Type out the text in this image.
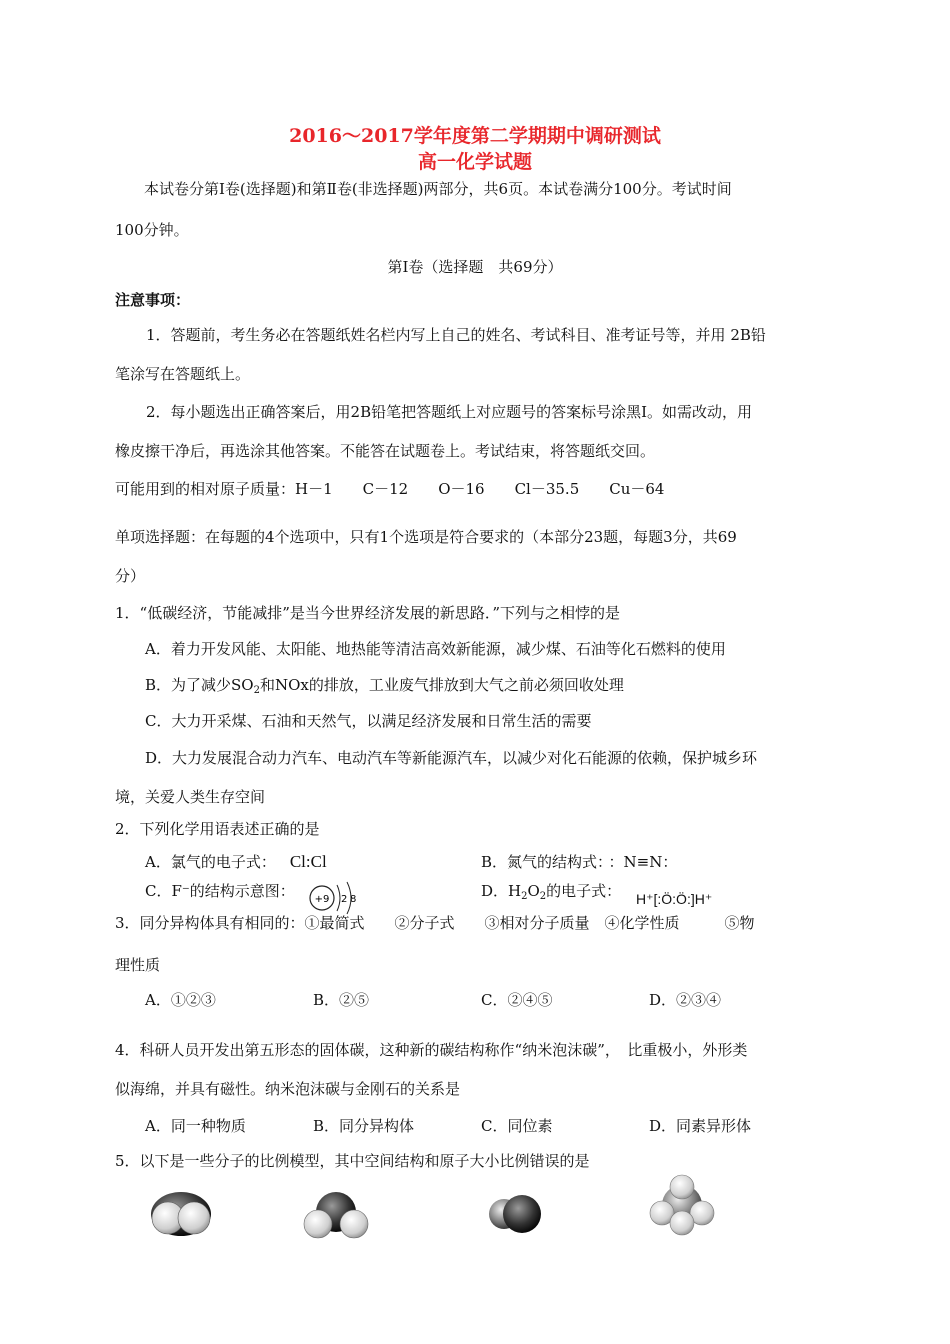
2016～2017学年度第二学期期中调研测试
高一化学试题
本试卷分第Ⅰ卷(选择题)和第Ⅱ卷(非选择题)两部分，共6页。本试卷满分100分。考试时间
100分钟。
第Ⅰ卷（选择题　共69分）
注意事项：
1．答题前，考生务必在答题纸姓名栏内写上自己的姓名、考试科目、准考证号等，并用 2B铅
笔涂写在答题纸上。
2．每小题选出正确答案后，用2B铅笔把答题纸上对应题号的答案标号涂黑Ⅰ。如需改动，用
橡皮擦干净后，再选涂其他答案。不能答在试题卷上。考试结束，将答题纸交回。
可能用到的相对原子质量：H－1　　C－12　　O－16　　Cl－35.5　　Cu－64
单项选择题：在每题的4个选项中，只有1个选项是符合要求的（本部分23题，每题3分，共69
分）
1．“低碳经济，节能减排”是当今世界经济发展的新思路．”下列与之相悖的是
A．着力开发风能、太阳能、地热能等清洁高效新能源，减少煤、石油等化石燃料的使用
B．为了减少$SO_2$和NOx的排放，工业废气排放到大气之前必须回收处理
C．大力开采煤、石油和天然气，以满足经济发展和日常生活的需要
D．大力发展混合动力汽车、电动汽车等新能源汽车，以减少对化石能源的依赖，保护城乡环
境，关爱人类生存空间
2．下列化学用语表述正确的是
A．氯气的电子式： Cl:Cl	B．氮气的结构式： ：N≡N：
C．F⁻的结构示意图： +9 2 8	D．$H_2O_2$的电子式： H⁺[:Ö:Ö:]H⁺
3．同分异构体具有相同的：①最简式　　②分子式　　③相对分子质量　④化学性质　　　⑤物
理性质
A．①②③	B．②⑤	C．②④⑤	D．②③④
4．科研人员开发出第五形态的固体碳，这种新的碳结构称作“纳米泡沫碳”，　比重极小，外形类
似海绵，并具有磁性。纳米泡沫碳与金刚石的关系是
A．同一种物质	B．同分异构体	C．同位素	D．同素异形体
5．以下是一些分子的比例模型，其中空间结构和原子大小比例错误的是
